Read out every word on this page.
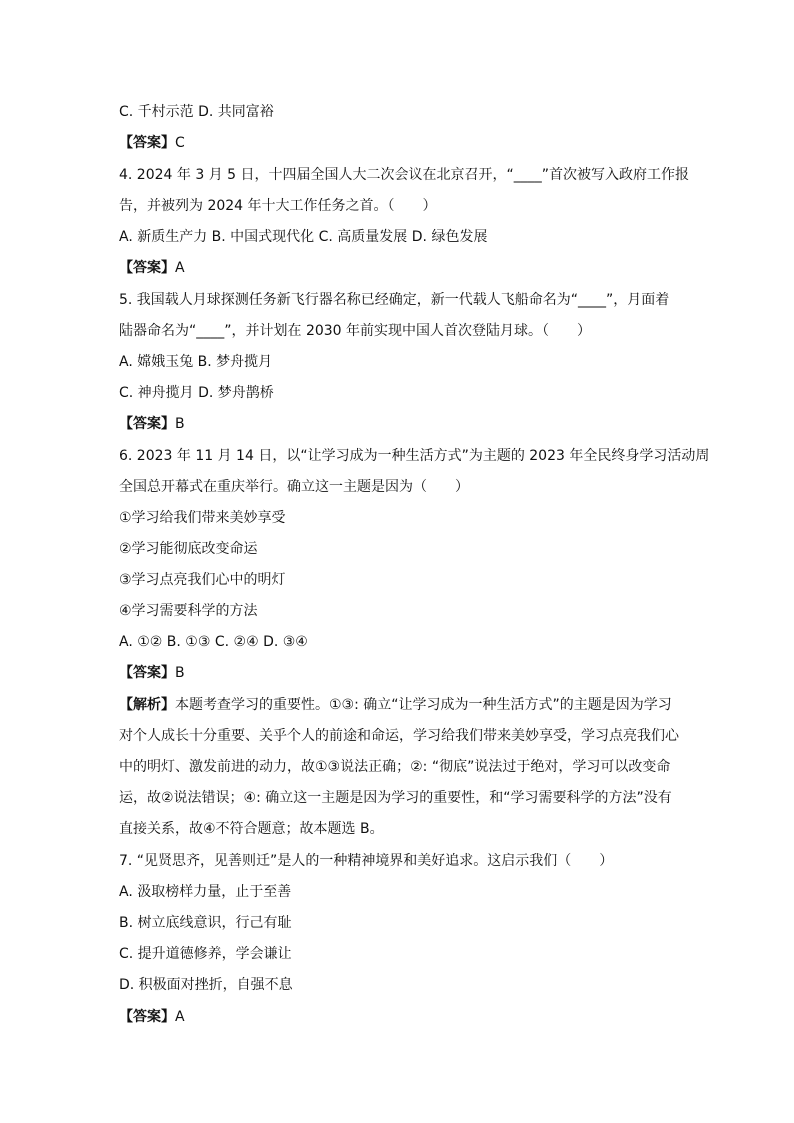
C. 千村示范 D. 共同富裕
【答案】C
4. 2024 年 3 月 5 日，十四届全国人大二次会议在北京召开，“____”首次被写入政府工作报
告，并被列为 2024 年十大工作任务之首。（　　）
A. 新质生产力 B. 中国式现代化 C. 高质量发展 D. 绿色发展
【答案】A
5. 我国载人月球探测任务新飞行器名称已经确定，新一代载人飞船命名为“____”，月面着
陆器命名为“____”，并计划在 2030 年前实现中国人首次登陆月球。（　　）
A. 嫦娥玉兔 B. 梦舟揽月
C. 神舟揽月 D. 梦舟鹊桥
【答案】B
6. 2023 年 11 月 14 日，以“让学习成为一种生活方式”为主题的 2023 年全民终身学习活动周
全国总开幕式在重庆举行。确立这一主题是因为（　　）
①学习给我们带来美妙享受
②学习能彻底改变命运
③学习点亮我们心中的明灯
④学习需要科学的方法
A. ①② B. ①③ C. ②④ D. ③④
【答案】B
【解析】本题考查学习的重要性。①③: 确立“让学习成为一种生活方式”的主题是因为学习
对个人成长十分重要、关乎个人的前途和命运，学习给我们带来美妙享受，学习点亮我们心
中的明灯、激发前进的动力，故①③说法正确；②: “彻底”说法过于绝对，学习可以改变命
运，故②说法错误；④: 确立这一主题是因为学习的重要性，和“学习需要科学的方法”没有
直接关系，故④不符合题意；故本题选 B。
7. “见贤思齐，见善则迁”是人的一种精神境界和美好追求。这启示我们（　　）
A. 汲取榜样力量，止于至善
B. 树立底线意识，行己有耻
C. 提升道德修养，学会谦让
D. 积极面对挫折，自强不息
【答案】A
